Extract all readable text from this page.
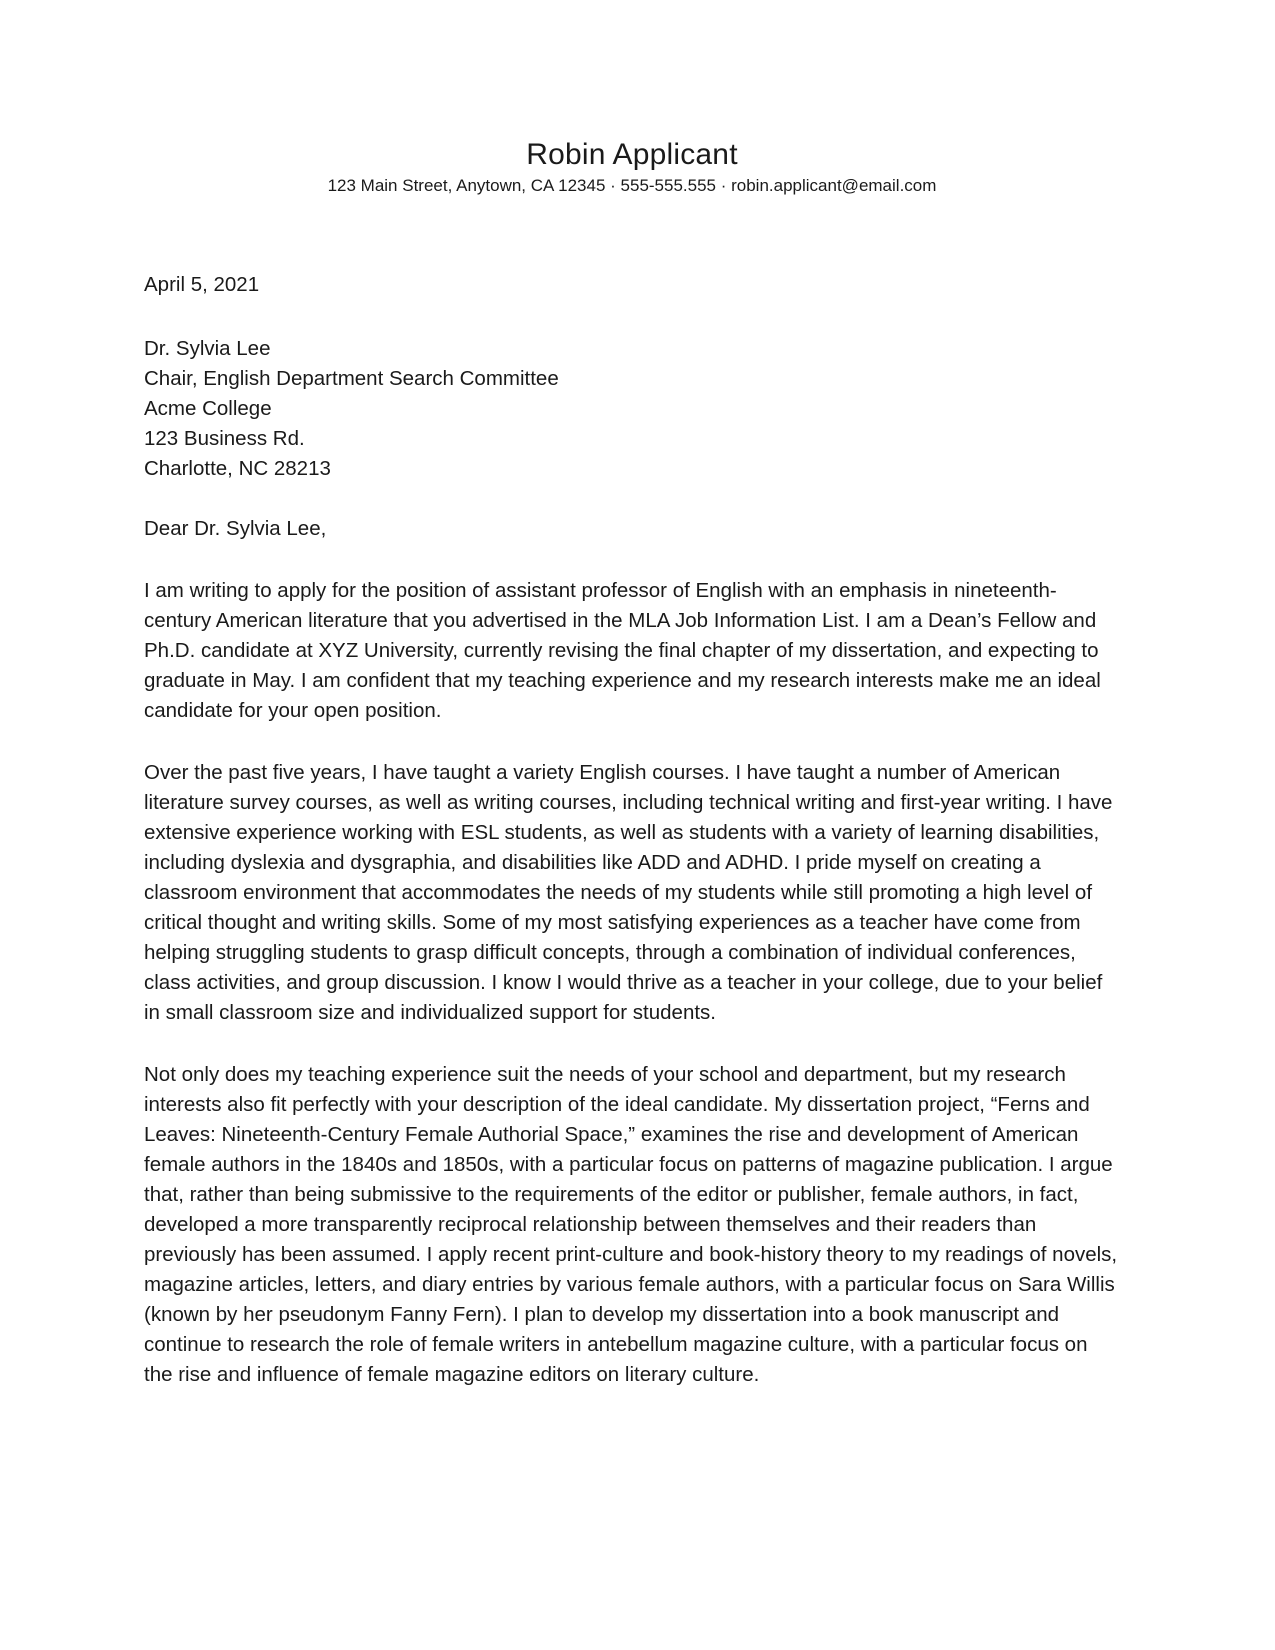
Robin Applicant
123 Main Street, Anytown, CA 12345 · 555-555.555 · robin.applicant@email.com
April 5, 2021
Dr. Sylvia Lee
Chair, English Department Search Committee
Acme College
123 Business Rd.
Charlotte, NC 28213
Dear Dr. Sylvia Lee,

I am writing to apply for the position of assistant professor of English with an emphasis in nineteenth-century American literature that you advertised in the MLA Job Information List. I am a Dean’s Fellow and Ph.D. candidate at XYZ University, currently revising the final chapter of my dissertation, and expecting to graduate in May. I am confident that my teaching experience and my research interests make me an ideal candidate for your open position.

Over the past five years, I have taught a variety English courses. I have taught a number of American literature survey courses, as well as writing courses, including technical writing and first-year writing. I have extensive experience working with ESL students, as well as students with a variety of learning disabilities, including dyslexia and dysgraphia, and disabilities like ADD and ADHD. I pride myself on creating a classroom environment that accommodates the needs of my students while still promoting a high level of critical thought and writing skills. Some of my most satisfying experiences as a teacher have come from helping struggling students to grasp difficult concepts, through a combination of individual conferences, class activities, and group discussion. I know I would thrive as a teacher in your college, due to your belief in small classroom size and individualized support for students.

Not only does my teaching experience suit the needs of your school and department, but my research interests also fit perfectly with your description of the ideal candidate. My dissertation project, “Ferns and Leaves: Nineteenth-Century Female Authorial Space,” examines the rise and development of American female authors in the 1840s and 1850s, with a particular focus on patterns of magazine publication. I argue that, rather than being submissive to the requirements of the editor or publisher, female authors, in fact, developed a more transparently reciprocal relationship between themselves and their readers than previously has been assumed. I apply recent print-culture and book-history theory to my readings of novels, magazine articles, letters, and diary entries by various female authors, with a particular focus on Sara Willis (known by her pseudonym Fanny Fern). I plan to develop my dissertation into a book manuscript and continue to research the role of female writers in antebellum magazine culture, with a particular focus on the rise and influence of female magazine editors on literary culture.
